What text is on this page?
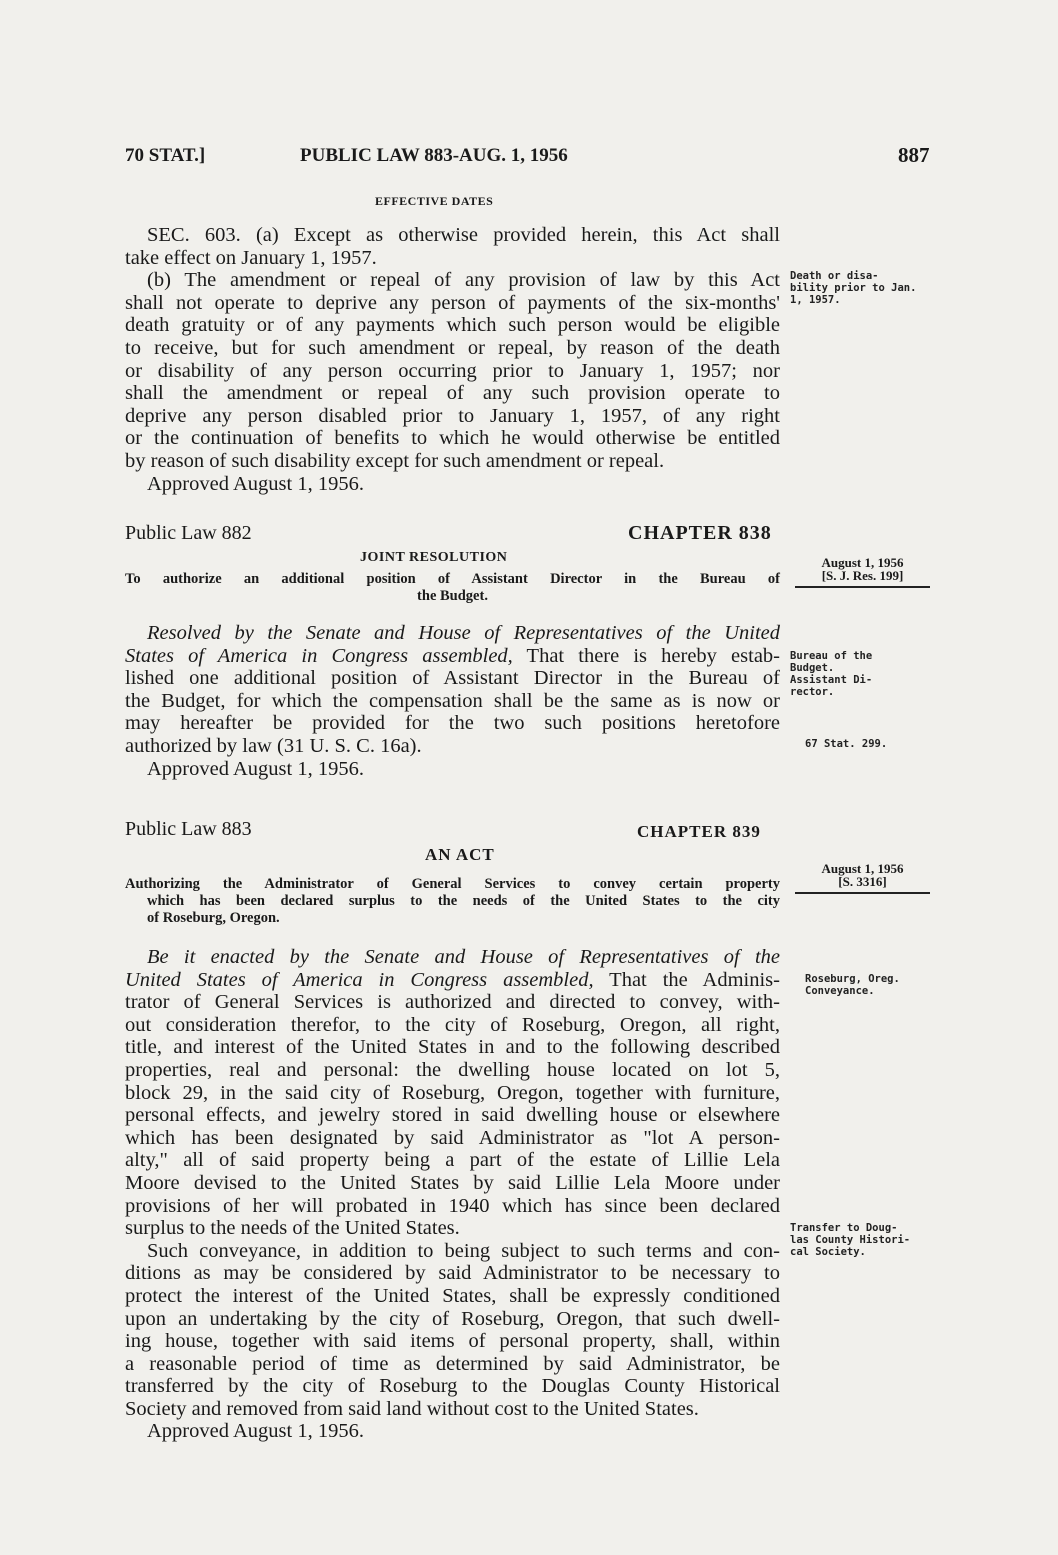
70 STAT.]	PUBLIC LAW 883-AUG. 1, 1956	887
EFFECTIVE DATES
SEC. 603. (a) Except as otherwise provided herein, this Act shall
take effect on January 1, 1957.
(b) The amendment or repeal of any provision of law by this Act
shall not operate to deprive any person of payments of the six-months'
death gratuity or of any payments which such person would be eligible
to receive, but for such amendment or repeal, by reason of the death
or disability of any person occurring prior to January 1, 1957; nor
shall the amendment or repeal of any such provision operate to
deprive any person disabled prior to January 1, 1957, of any right
or the continuation of benefits to which he would otherwise be entitled
by reason of such disability except for such amendment or repeal.
Approved August 1, 1956.
Death or disa-
bility prior to Jan.
1, 1957.
Public Law 882	CHAPTER 838
JOINT RESOLUTION
To authorize an additional position of Assistant Director in the Bureau of
the Budget.
Resolved by the Senate and House of Representatives of the United
States of America in Congress assembled, That there is hereby estab-
lished one additional position of Assistant Director in the Bureau of
the Budget, for which the compensation shall be the same as is now or
may hereafter be provided for the two such positions heretofore
authorized by law (31 U. S. C. 16a).
Approved August 1, 1956.
August 1, 1956
[S. J. Res. 199]
Bureau of the
Budget.
Assistant Di-
rector.
67 Stat. 299.
Public Law 883	CHAPTER 839
AN ACT
Authorizing the Administrator of General Services to convey certain property
which has been declared surplus to the needs of the United States to the city
of Roseburg, Oregon.
Be it enacted by the Senate and House of Representatives of the
United States of America in Congress assembled, That the Adminis-
trator of General Services is authorized and directed to convey, with-
out consideration therefor, to the city of Roseburg, Oregon, all right,
title, and interest of the United States in and to the following described
properties, real and personal: the dwelling house located on lot 5,
block 29, in the said city of Roseburg, Oregon, together with furniture,
personal effects, and jewelry stored in said dwelling house or elsewhere
which has been designated by said Administrator as "lot A person-
alty," all of said property being a part of the estate of Lillie Lela
Moore devised to the United States by said Lillie Lela Moore under
provisions of her will probated in 1940 which has since been declared
surplus to the needs of the United States.
Such conveyance, in addition to being subject to such terms and con-
ditions as may be considered by said Administrator to be necessary to
protect the interest of the United States, shall be expressly conditioned
upon an undertaking by the city of Roseburg, Oregon, that such dwell-
ing house, together with said items of personal property, shall, within
a reasonable period of time as determined by said Administrator, be
transferred by the city of Roseburg to the Douglas County Historical
Society and removed from said land without cost to the United States.
Approved August 1, 1956.
August 1, 1956
[S. 3316]
Roseburg, Oreg.
Conveyance.
Transfer to Doug-
las County Histori-
cal Society.
